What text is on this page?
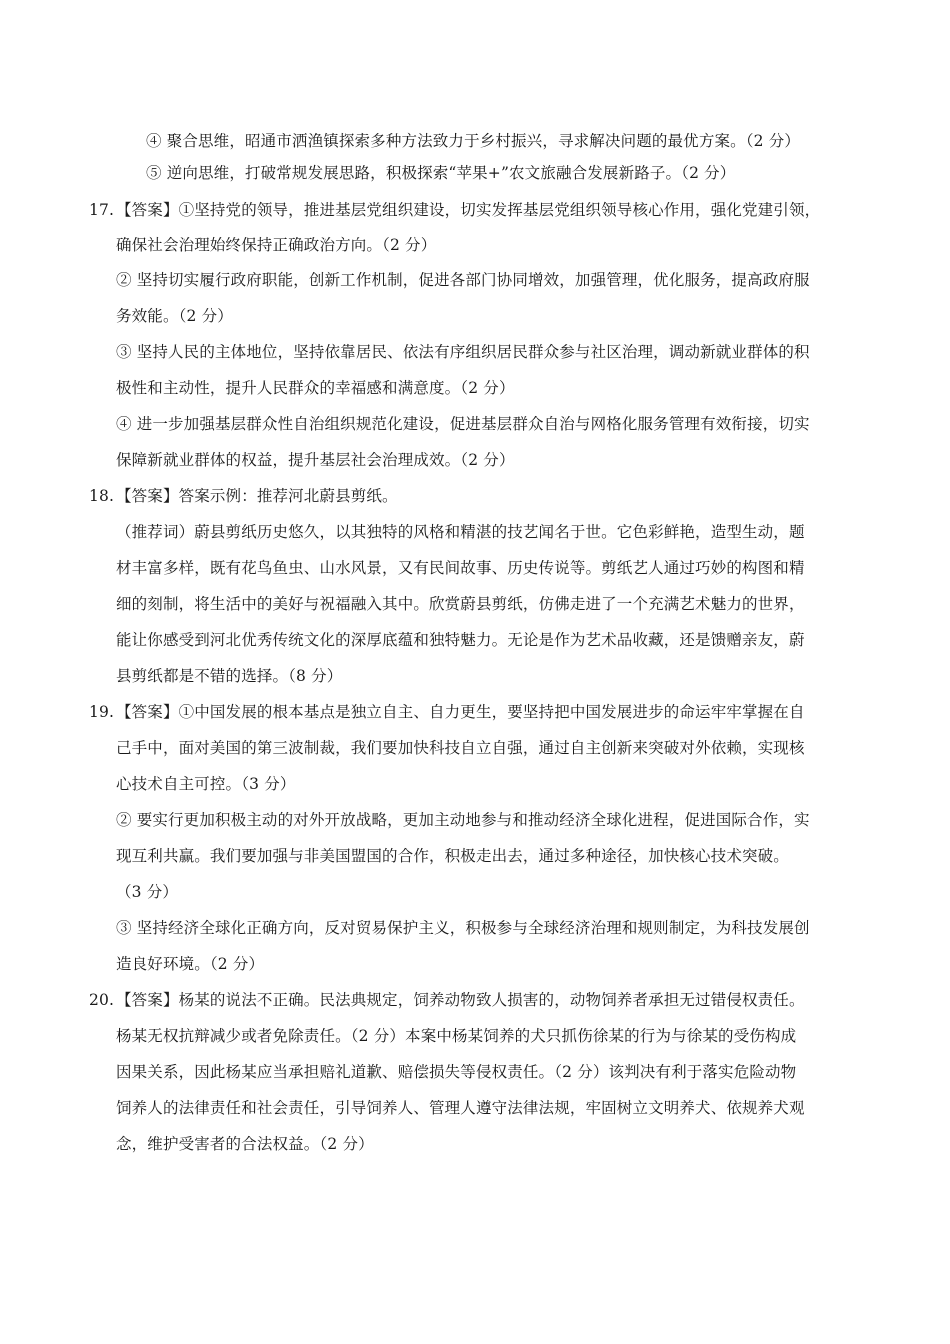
④ 聚合思维，昭通市洒渔镇探索多种方法致力于乡村振兴，寻求解决问题的最优方案。（2 分）
⑤ 逆向思维，打破常规发展思路，积极探索“苹果+”农文旅融合发展新路子。（2 分）
17. 【答案】①坚持党的领导，推进基层党组织建设，切实发挥基层党组织领导核心作用，强化党建引领，
确保社会治理始终保持正确政治方向。（2 分）
② 坚持切实履行政府职能，创新工作机制，促进各部门协同增效，加强管理，优化服务，提高政府服
务效能。（2 分）
③ 坚持人民的主体地位，坚持依靠居民、依法有序组织居民群众参与社区治理，调动新就业群体的积
极性和主动性，提升人民群众的幸福感和满意度。（2 分）
④ 进一步加强基层群众性自治组织规范化建设，促进基层群众自治与网格化服务管理有效衔接，切实
保障新就业群体的权益，提升基层社会治理成效。（2 分）
18. 【答案】答案示例：推荐河北蔚县剪纸。
（推荐词）蔚县剪纸历史悠久，以其独特的风格和精湛的技艺闻名于世。它色彩鲜艳，造型生动，题
材丰富多样，既有花鸟鱼虫、山水风景，又有民间故事、历史传说等。剪纸艺人通过巧妙的构图和精
细的刻制，将生活中的美好与祝福融入其中。欣赏蔚县剪纸，仿佛走进了一个充满艺术魅力的世界，
能让你感受到河北优秀传统文化的深厚底蕴和独特魅力。无论是作为艺术品收藏，还是馈赠亲友，蔚
县剪纸都是不错的选择。（8 分）
19. 【答案】①中国发展的根本基点是独立自主、自力更生，要坚持把中国发展进步的命运牢牢掌握在自
己手中，面对美国的第三波制裁，我们要加快科技自立自强，通过自主创新来突破对外依赖，实现核
心技术自主可控。（3 分）
② 要实行更加积极主动的对外开放战略，更加主动地参与和推动经济全球化进程，促进国际合作，实
现互利共赢。我们要加强与非美国盟国的合作，积极走出去，通过多种途径，加快核心技术突破。
（3 分）
③ 坚持经济全球化正确方向，反对贸易保护主义，积极参与全球经济治理和规则制定，为科技发展创
造良好环境。（2 分）
20. 【答案】杨某的说法不正确。民法典规定，饲养动物致人损害的，动物饲养者承担无过错侵权责任。
杨某无权抗辩减少或者免除责任。（2 分）本案中杨某饲养的犬只抓伤徐某的行为与徐某的受伤构成
因果关系，因此杨某应当承担赔礼道歉、赔偿损失等侵权责任。（2 分）该判决有利于落实危险动物
饲养人的法律责任和社会责任，引导饲养人、管理人遵守法律法规，牢固树立文明养犬、依规养犬观
念，维护受害者的合法权益。（2 分）
